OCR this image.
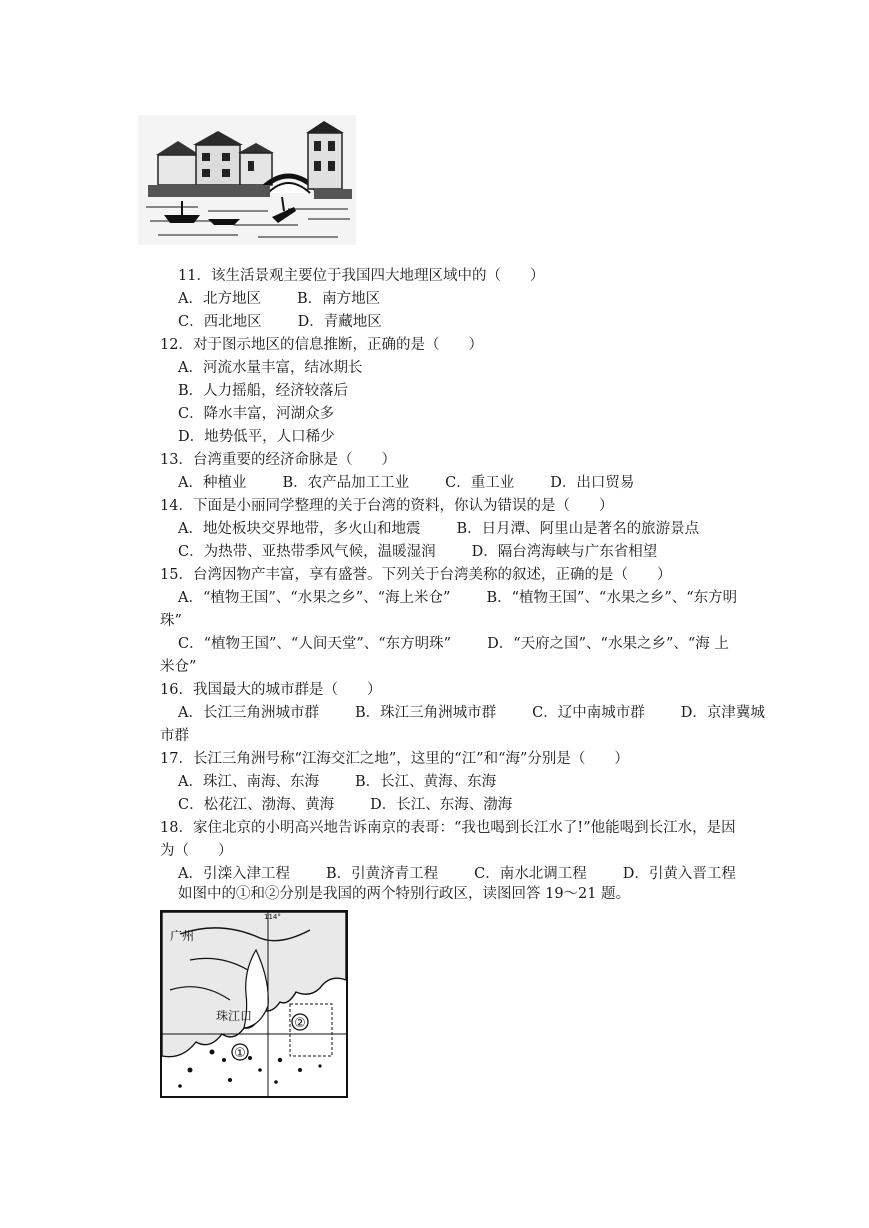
11．该生活景观主要位于我国四大地理区域中的（　　）
A．北方地区 B．南方地区
C．西北地区 D．青藏地区
12．对于图示地区的信息推断，正确的是（　　）
A．河流水量丰富，结冰期长
B．人力摇船，经济较落后
C．降水丰富，河湖众多
D．地势低平，人口稀少
13．台湾重要的经济命脉是（　　）
A．种植业 B．农产品加工工业 C．重工业 D．出口贸易
14．下面是小丽同学整理的关于台湾的资料，你认为错误的是（　　）
A．地处板块交界地带，多火山和地震 B．日月潭、阿里山是著名的旅游景点
C．为热带、亚热带季风气候，温暖湿润 D．隔台湾海峡与广东省相望
15．台湾因物产丰富，享有盛誉。下列关于台湾美称的叙述，正确的是（　　）
A．“植物王国”、“水果之乡”、“海上米仓” B．“植物王国”、“水果之乡”、“东方明
珠”
C．“植物王国”、“人间天堂”、“东方明珠” D．“天府之国”、“水果之乡”、“海 上
米仓”
16．我国最大的城市群是（　　）
A．长江三角洲城市群 B．珠江三角洲城市群 C．辽中南城市群 D．京津冀城
市群
17．长江三角洲号称“江海交汇之地”，这里的“江”和“海”分别是（　　）
A．珠江、南海、东海 B．长江、黄海、东海
C．松花江、渤海、黄海 D．长江、东海、渤海
18．家住北京的小明高兴地告诉南京的表哥：“我也喝到长江水了!”他能喝到长江水，是因
为（　　）
A．引滦入津工程 B．引黄济青工程 C．南水北调工程 D．引黄入晋工程
如图中的①和②分别是我国的两个特别行政区，读图回答 19～21 题。
①
②
114°
广州
珠江口
